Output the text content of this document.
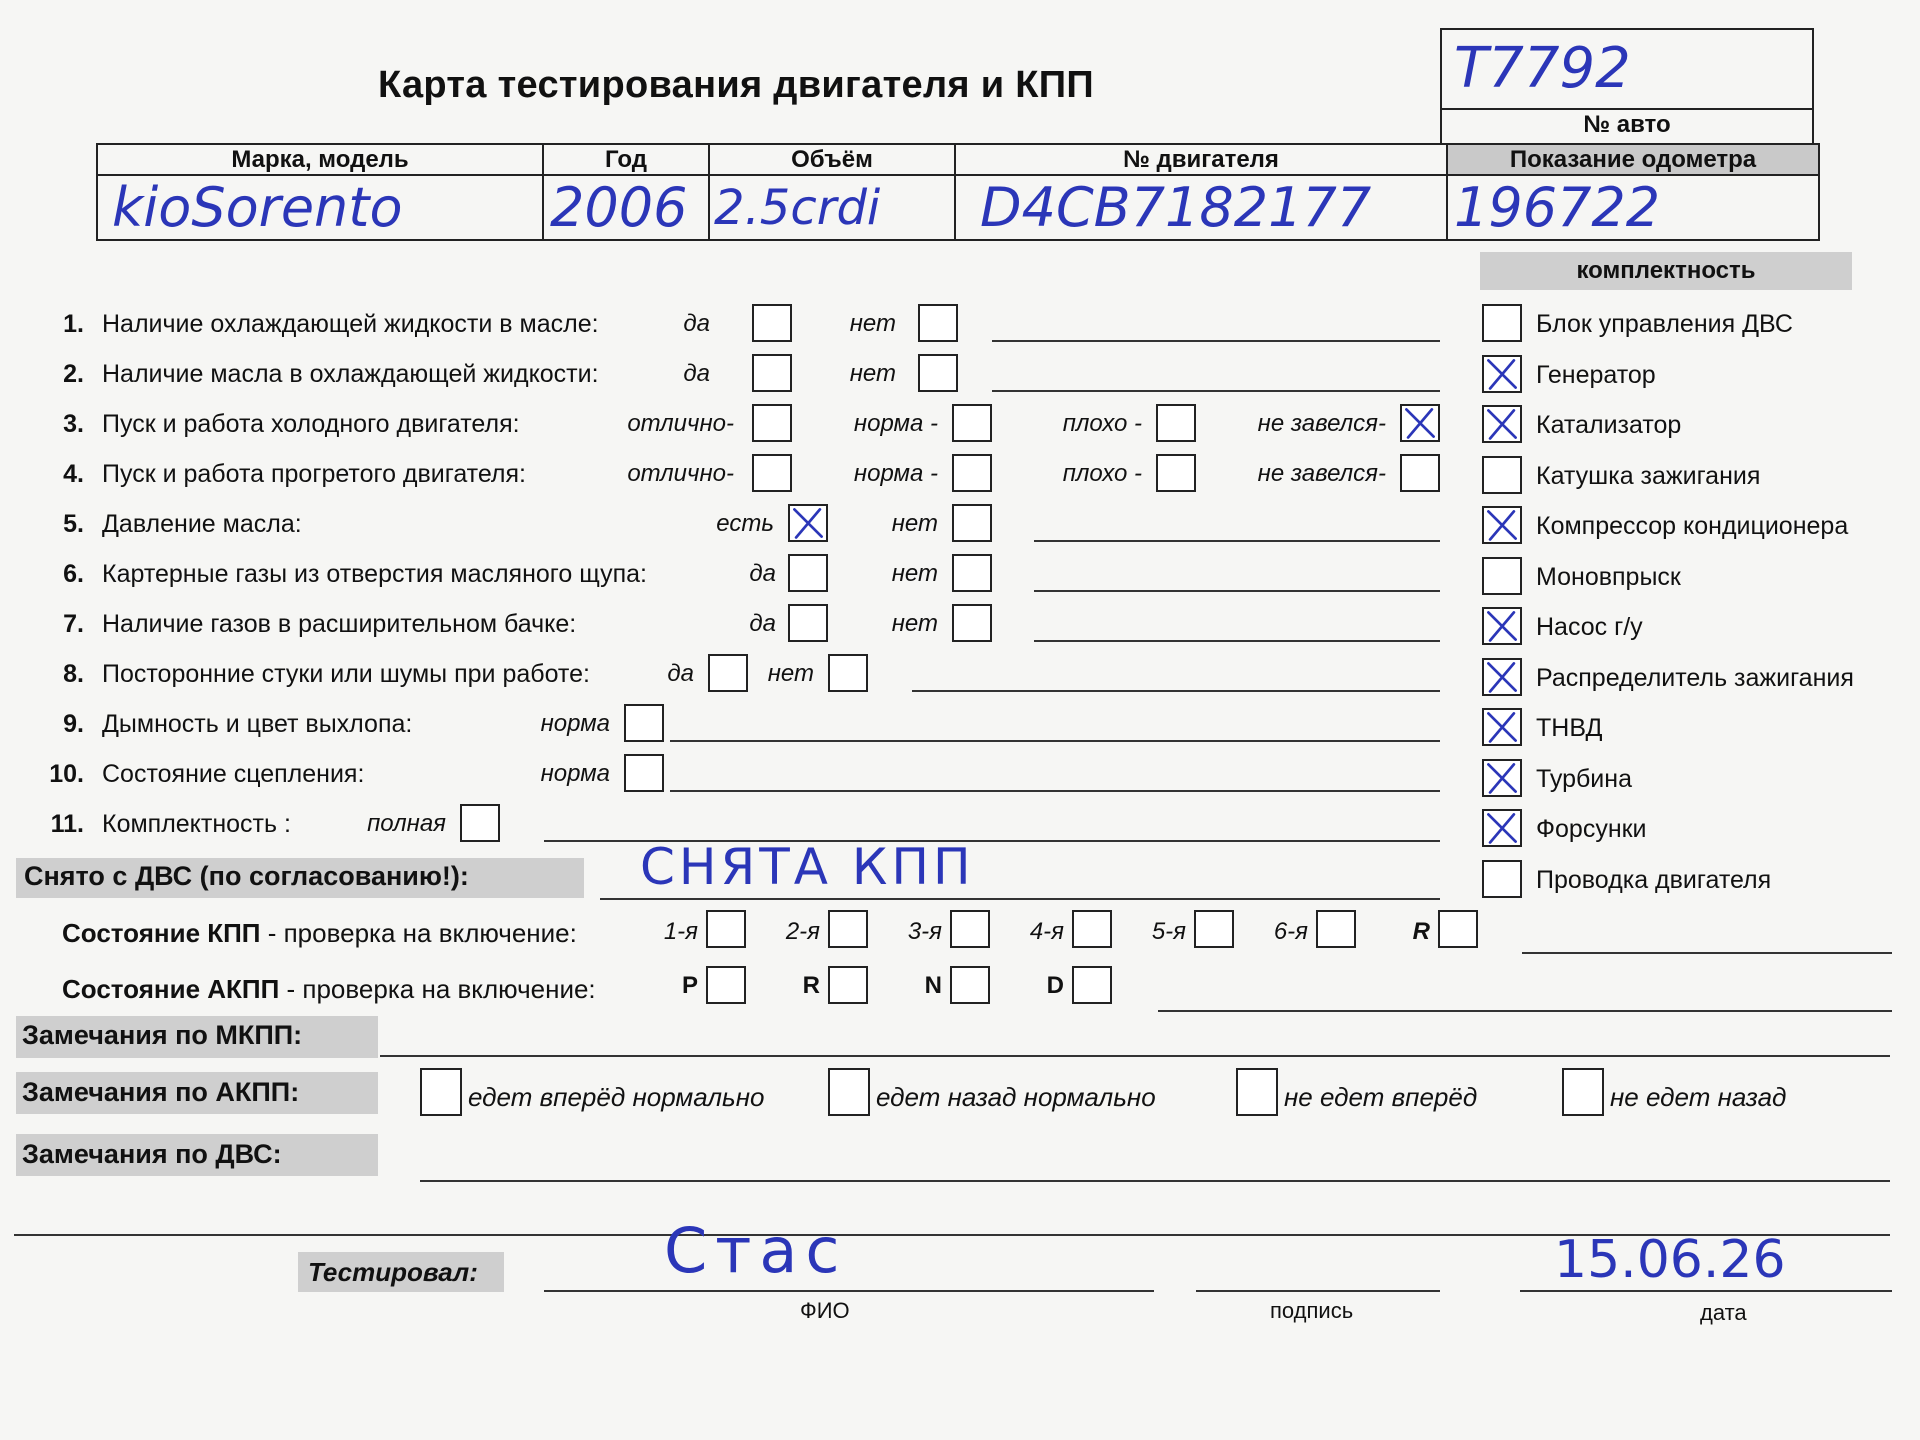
Карта тестирования двигателя и КПП	T7792
№ авто
Марка, модель	Год	Объём	№ двигателя	Показание одометра
kioSorento	2006	2.5crdi	D4CB7182177	196722
комплектность
1. Наличие охлаждающей жидкости в масле:	да	нет
2. Наличие масла в охлаждающей жидкости:	да	нет
3. Пуск и работа холодного двигателя:	отлично-	норма -	плохо -	не завелся-
4. Пуск и работа прогретого двигателя:	отлично-	норма -	плохо -	не завелся-
5. Давление масла:	есть	нет
6. Картерные газы из отверстия масляного щупа:	да	нет
7. Наличие газов в расширительном бачке:	да	нет
8. Посторонние стуки или шумы при работе:	да	нет
9. Дымность и цвет выхлопа:	норма
10. Состояние сцепления:	норма
11. Комплектность :	полная
Блок управления ДВС
Генератор
Катализатор
Катушка зажигания
Компрессор кондиционера
Моновпрыск
Насос г/у
Распределитель зажигания
ТНВД
Турбина
Форсунки
Проводка двигателя
Снято с ДВС (по согласованию!):	СНЯТА КПП
Состояние КПП - проверка на включение:	1-я	2-я	3-я	4-я	5-я	6-я	R
Состояние АКПП - проверка на включение:	P	R	N	D
Замечания по МКПП:
Замечания по АКПП:	едет вперёд нормально	едет назад нормально	не едет вперёд	не едет назад
Замечания по ДВС:
Тестировал:	Стас	15.06.26
ФИО	подпись	дата
